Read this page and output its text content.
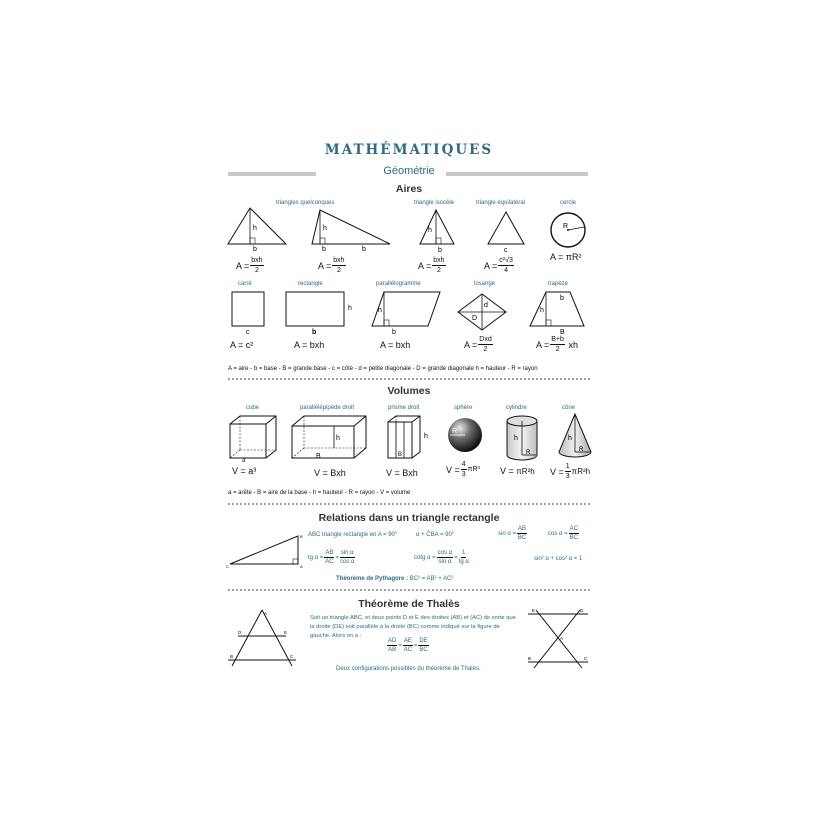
MATHÉMATIQUES
Géométrie
Aires
triangles quelconques	triangle isocèle	triangle équilatéral	cercle
h
b
h
b	b
h
b	c
R
$A = \frac{\text{bxh}}{2}$	$A = \frac{\text{bxh}}{2}$	$A = \frac{\text{bxh}}{2}$	$A = \frac{\text{c²√3}}{4}$	A =
πR²
carré	rectangle	parallélogramme	losange	trapèze
c
h
b
h
b
d
D
h
b
B
A =
c²	A =
bxh	A =
bxh	$A = \frac{\text{Dxd}}{2}$	$A = \frac{B+b}{2}$
xh
A = aire - b = base - B = grande base - c = côté - d = petite diagonale - D = grande diagonale h = hauteur - R = rayon
Volumes
cube	parallélépipède droit	prisme droit	sphère	cylindre	cône
a
h
B
h
B
R
h
R
h
R
V =
a³	V =
Bxh	V =
Bxh	$V = \frac{4}{3} \pi R^3$ V =
πR²h $V = \frac{1}{3} \pi R^2h$
a = arête - B = aire de la base - h = hauteur - R = rayon - V = volume
Relations dans un triangle rectangle
C	A
B ABC triangle rectangle en A = 90°	α + ĈBA = 90°	$\sin \alpha = \frac{AB}{BC}$	$\cos \alpha = \frac{AC}{BC}$
tg $\alpha = \frac{AB}{AC} = \frac{\text{sin α}}{\text{cos α}}$	cotg $\alpha = \frac{\text{cos α}}{\text{sin α}} = \frac{1}{\text{tg α}}$	sin² α + cos² α = 1
Théorème de Pythagore :
BC² = AB² + AC²
Théorème de Thalès
A
D	E
B	C
Soit un triangle ABC, et deux points D et E des droites (AB) et (AC) de sorte que la droite (DE) soit parallèle à la droite (BC) comme indiqué sur la figure de gauche. Alors on a :
$\frac{AD}{AB} = \frac{AE}{AC} = \frac{DE}{BC}$
E	D
A
B	C
Deux configurations possibles du théorème de Thalès.
